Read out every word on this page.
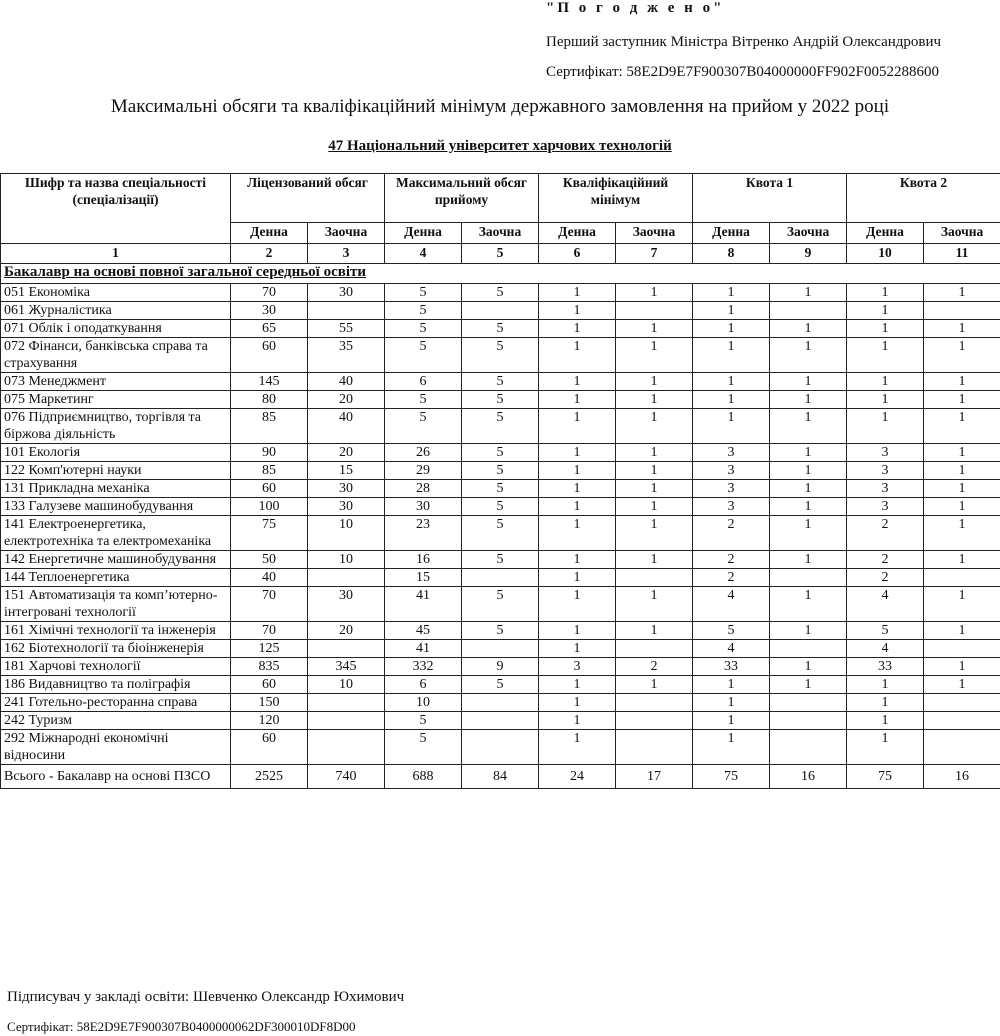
"П о г о д ж е н о"
Перший заступник Міністра Вітренко Андрій Олександрович
Сертифікат: 58E2D9E7F900307B04000000FF902F0052288600
Максимальні обсяги та кваліфікаційний мінімум державного замовлення на прийом у 2022 році
47 Національний університет харчових технологій
Шифр та назва спеціальності (спеціалізації)	Ліцензований обсяг		Максимальний обсяг прийому		Кваліфікаційний мінімум		Квота 1		Квота 2	
	Денна	Заочна	Денна	Заочна	Денна	Заочна	Денна	Заочна	Денна	Заочна
1	2	3	4	5	6	7	8	9	10	11
Бакалавр на основі повної загальної середньої освіти										
051 Економіка	70	30	5	5	1	1	1	1	1	1
061 Журналістика	30		5		1		1		1	
071 Облік і оподаткування	65	55	5	5	1	1	1	1	1	1
072 Фінанси, банківська справа та страхування	60	35	5	5	1	1	1	1	1	1
073 Менеджмент	145	40	6	5	1	1	1	1	1	1
075 Маркетинг	80	20	5	5	1	1	1	1	1	1
076 Підприємництво, торгівля та біржова діяльність	85	40	5	5	1	1	1	1	1	1
101 Екологія	90	20	26	5	1	1	3	1	3	1
122 Комп'ютерні науки	85	15	29	5	1	1	3	1	3	1
131 Прикладна механіка	60	30	28	5	1	1	3	1	3	1
133 Галузеве машинобудування	100	30	30	5	1	1	3	1	3	1
141 Електроенергетика, електротехніка та електромеханіка	75	10	23	5	1	1	2	1	2	1
142 Енергетичне машинобудування	50	10	16	5	1	1	2	1	2	1
144 Теплоенергетика	40		15		1		2		2	
151 Автоматизація та комп’ютерно-інтегровані технології	70	30	41	5	1	1	4	1	4	1
161 Хімічні технології та інженерія	70	20	45	5	1	1	5	1	5	1
162 Біотехнології та біоінженерія	125		41		1		4		4	
181 Харчові технології	835	345	332	9	3	2	33	1	33	1
186 Видавництво та поліграфія	60	10	6	5	1	1	1	1	1	1
241 Готельно-ресторанна справа	150		10		1		1		1	
242 Туризм	120		5		1		1		1	
292 Міжнародні економічні відносини	60		5		1		1		1	
Всього - Бакалавр на основі ПЗСО	2525	740	688	84	24	17	75	16	75	16
Підписувач у закладі освіти: Шевченко Олександр Юхимович
Сертифікат: 58E2D9E7F900307B0400000062DF300010DF8D00
